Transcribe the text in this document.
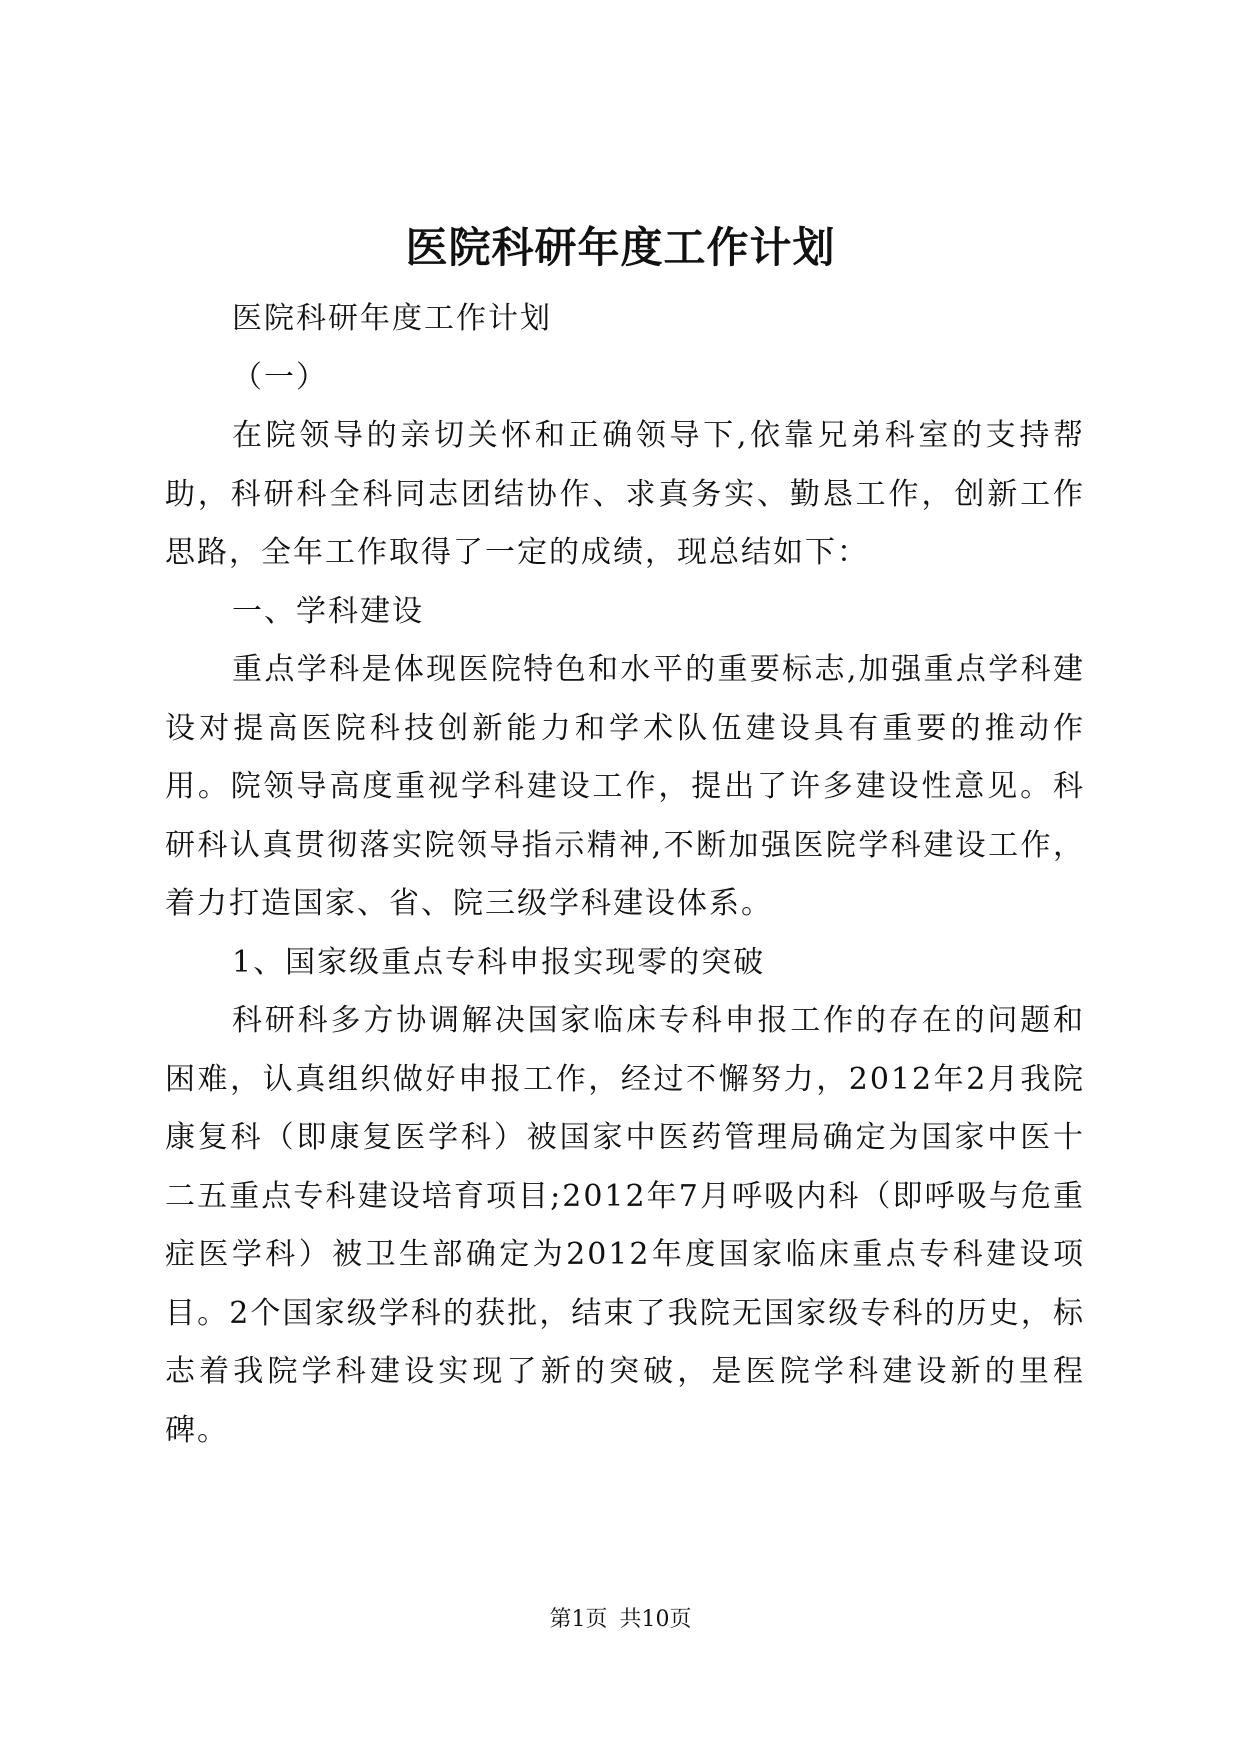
医院科研年度工作计划

医院科研年度工作计划

（一）

在院领导的亲切关怀和正确领导下,依靠兄弟科室的支持帮助，科研科全科同志团结协作、求真务实、勤恳工作，创新工作思路，全年工作取得了一定的成绩，现总结如下：

一、学科建设

重点学科是体现医院特色和水平的重要标志,加强重点学科建设对提高医院科技创新能力和学术队伍建设具有重要的推动作用。院领导高度重视学科建设工作，提出了许多建设性意见。科研科认真贯彻落实院领导指示精神,不断加强医院学科建设工作，着力打造国家、省、院三级学科建设体系。

1、国家级重点专科申报实现零的突破

科研科多方协调解决国家临床专科申报工作的存在的问题和困难，认真组织做好申报工作，经过不懈努力，2012年2月我院康复科（即康复医学科）被国家中医药管理局确定为国家中医十二五重点专科建设培育项目;2012年7月呼吸内科（即呼吸与危重症医学科）被卫生部确定为2012年度国家临床重点专科建设项目。2个国家级学科的获批，结束了我院无国家级专科的历史，标志着我院学科建设实现了新的突破，是医院学科建设新的里程碑。

第1页 共10页
